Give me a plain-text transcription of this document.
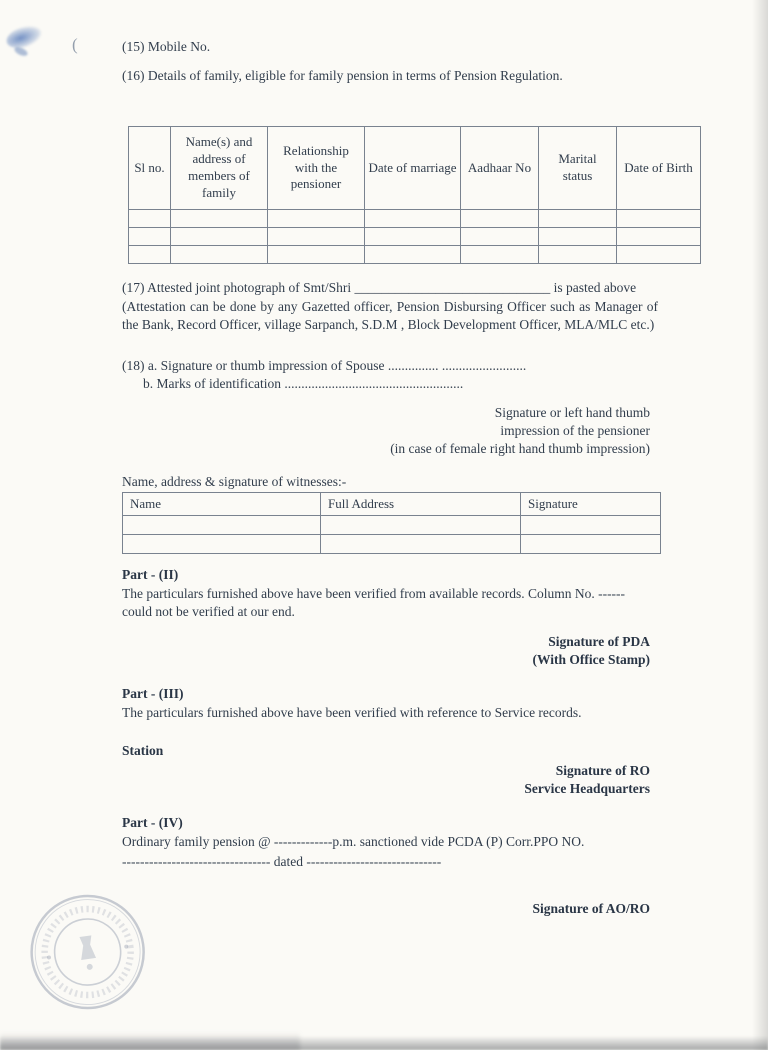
(	(15) Mobile No.
(16) Details of family, eligible for family pension in terms of Pension Regulation.
Sl no.	Name(s) and address of members of family	Relationship with the pensioner	Date of marriage	Aadhaar No	Marital status	Date of Birth

(17) Attested joint photograph of Smt/Shri _____________________________ is pasted above
(Attestation can be done by any Gazetted officer, Pension Disbursing Officer such as Manager of the Bank, Record Officer, village Sarpanch, S.D.M , Block Development Officer, MLA/MLC etc.)
(18) a. Signature or thumb impression of Spouse ............... .........................
b. Marks of identification .....................................................
Signature or left hand thumb
impression of the pensioner
(in case of female right hand thumb impression)
Name, address & signature of witnesses:-
Name	Full Address	Signature

Part - (II)
The particulars furnished above have been verified from available records. Column No. ------could not be verified at our end.
Signature of PDA
(With Office Stamp)
Part - (III)
The particulars furnished above have been verified with reference to Service records.
Station
Signature of RO
Service Headquarters
Part - (IV)
Ordinary family pension @ -------------p.m. sanctioned vide PCDA (P) Corr.PPO NO.
--------------------------------- dated ------------------------------
Signature of AO/RO
